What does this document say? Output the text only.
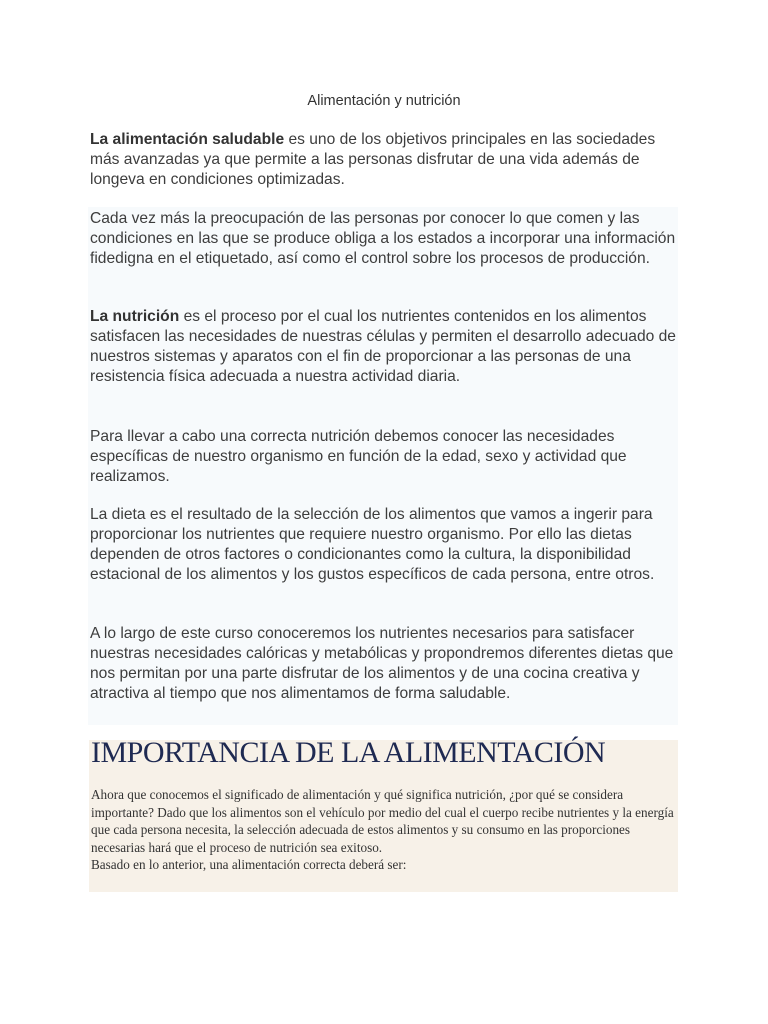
Alimentación y nutrición
La alimentación saludable es uno de los objetivos principales en las sociedades más avanzadas ya que permite a las personas disfrutar de una vida además de longeva en condiciones optimizadas.
Cada vez más la preocupación de las personas por conocer lo que comen y las condiciones en las que se produce obliga a los estados a incorporar una información fidedigna en el etiquetado, así como el control sobre los procesos de producción.
La nutrición es el proceso por el cual los nutrientes contenidos en los alimentos satisfacen las necesidades de nuestras células y permiten el desarrollo adecuado de nuestros sistemas y aparatos con el fin de proporcionar a las personas de una resistencia física adecuada a nuestra actividad diaria.
Para llevar a cabo una correcta nutrición debemos conocer las necesidades específicas de nuestro organismo en función de la edad, sexo y actividad que realizamos.
La dieta es el resultado de la selección de los alimentos que vamos a ingerir para proporcionar los nutrientes que requiere nuestro organismo. Por ello las dietas dependen de otros factores o condicionantes como la cultura, la disponibilidad estacional de los alimentos y los gustos específicos de cada persona, entre otros.
A lo largo de este curso conoceremos los nutrientes necesarios para satisfacer nuestras necesidades calóricas y metabólicas y propondremos diferentes dietas que nos permitan por una parte disfrutar de los alimentos y de una cocina creativa y atractiva al tiempo que nos alimentamos de forma saludable.
IMPORTANCIA DE LA ALIMENTACIÓN
Ahora que conocemos el significado de alimentación y qué significa nutrición, ¿por qué se considera importante? Dado que los alimentos son el vehículo por medio del cual el cuerpo recibe nutrientes y la energía que cada persona necesita, la selección adecuada de estos alimentos y su consumo en las proporciones necesarias hará que el proceso de nutrición sea exitoso.
Basado en lo anterior, una alimentación correcta deberá ser:
